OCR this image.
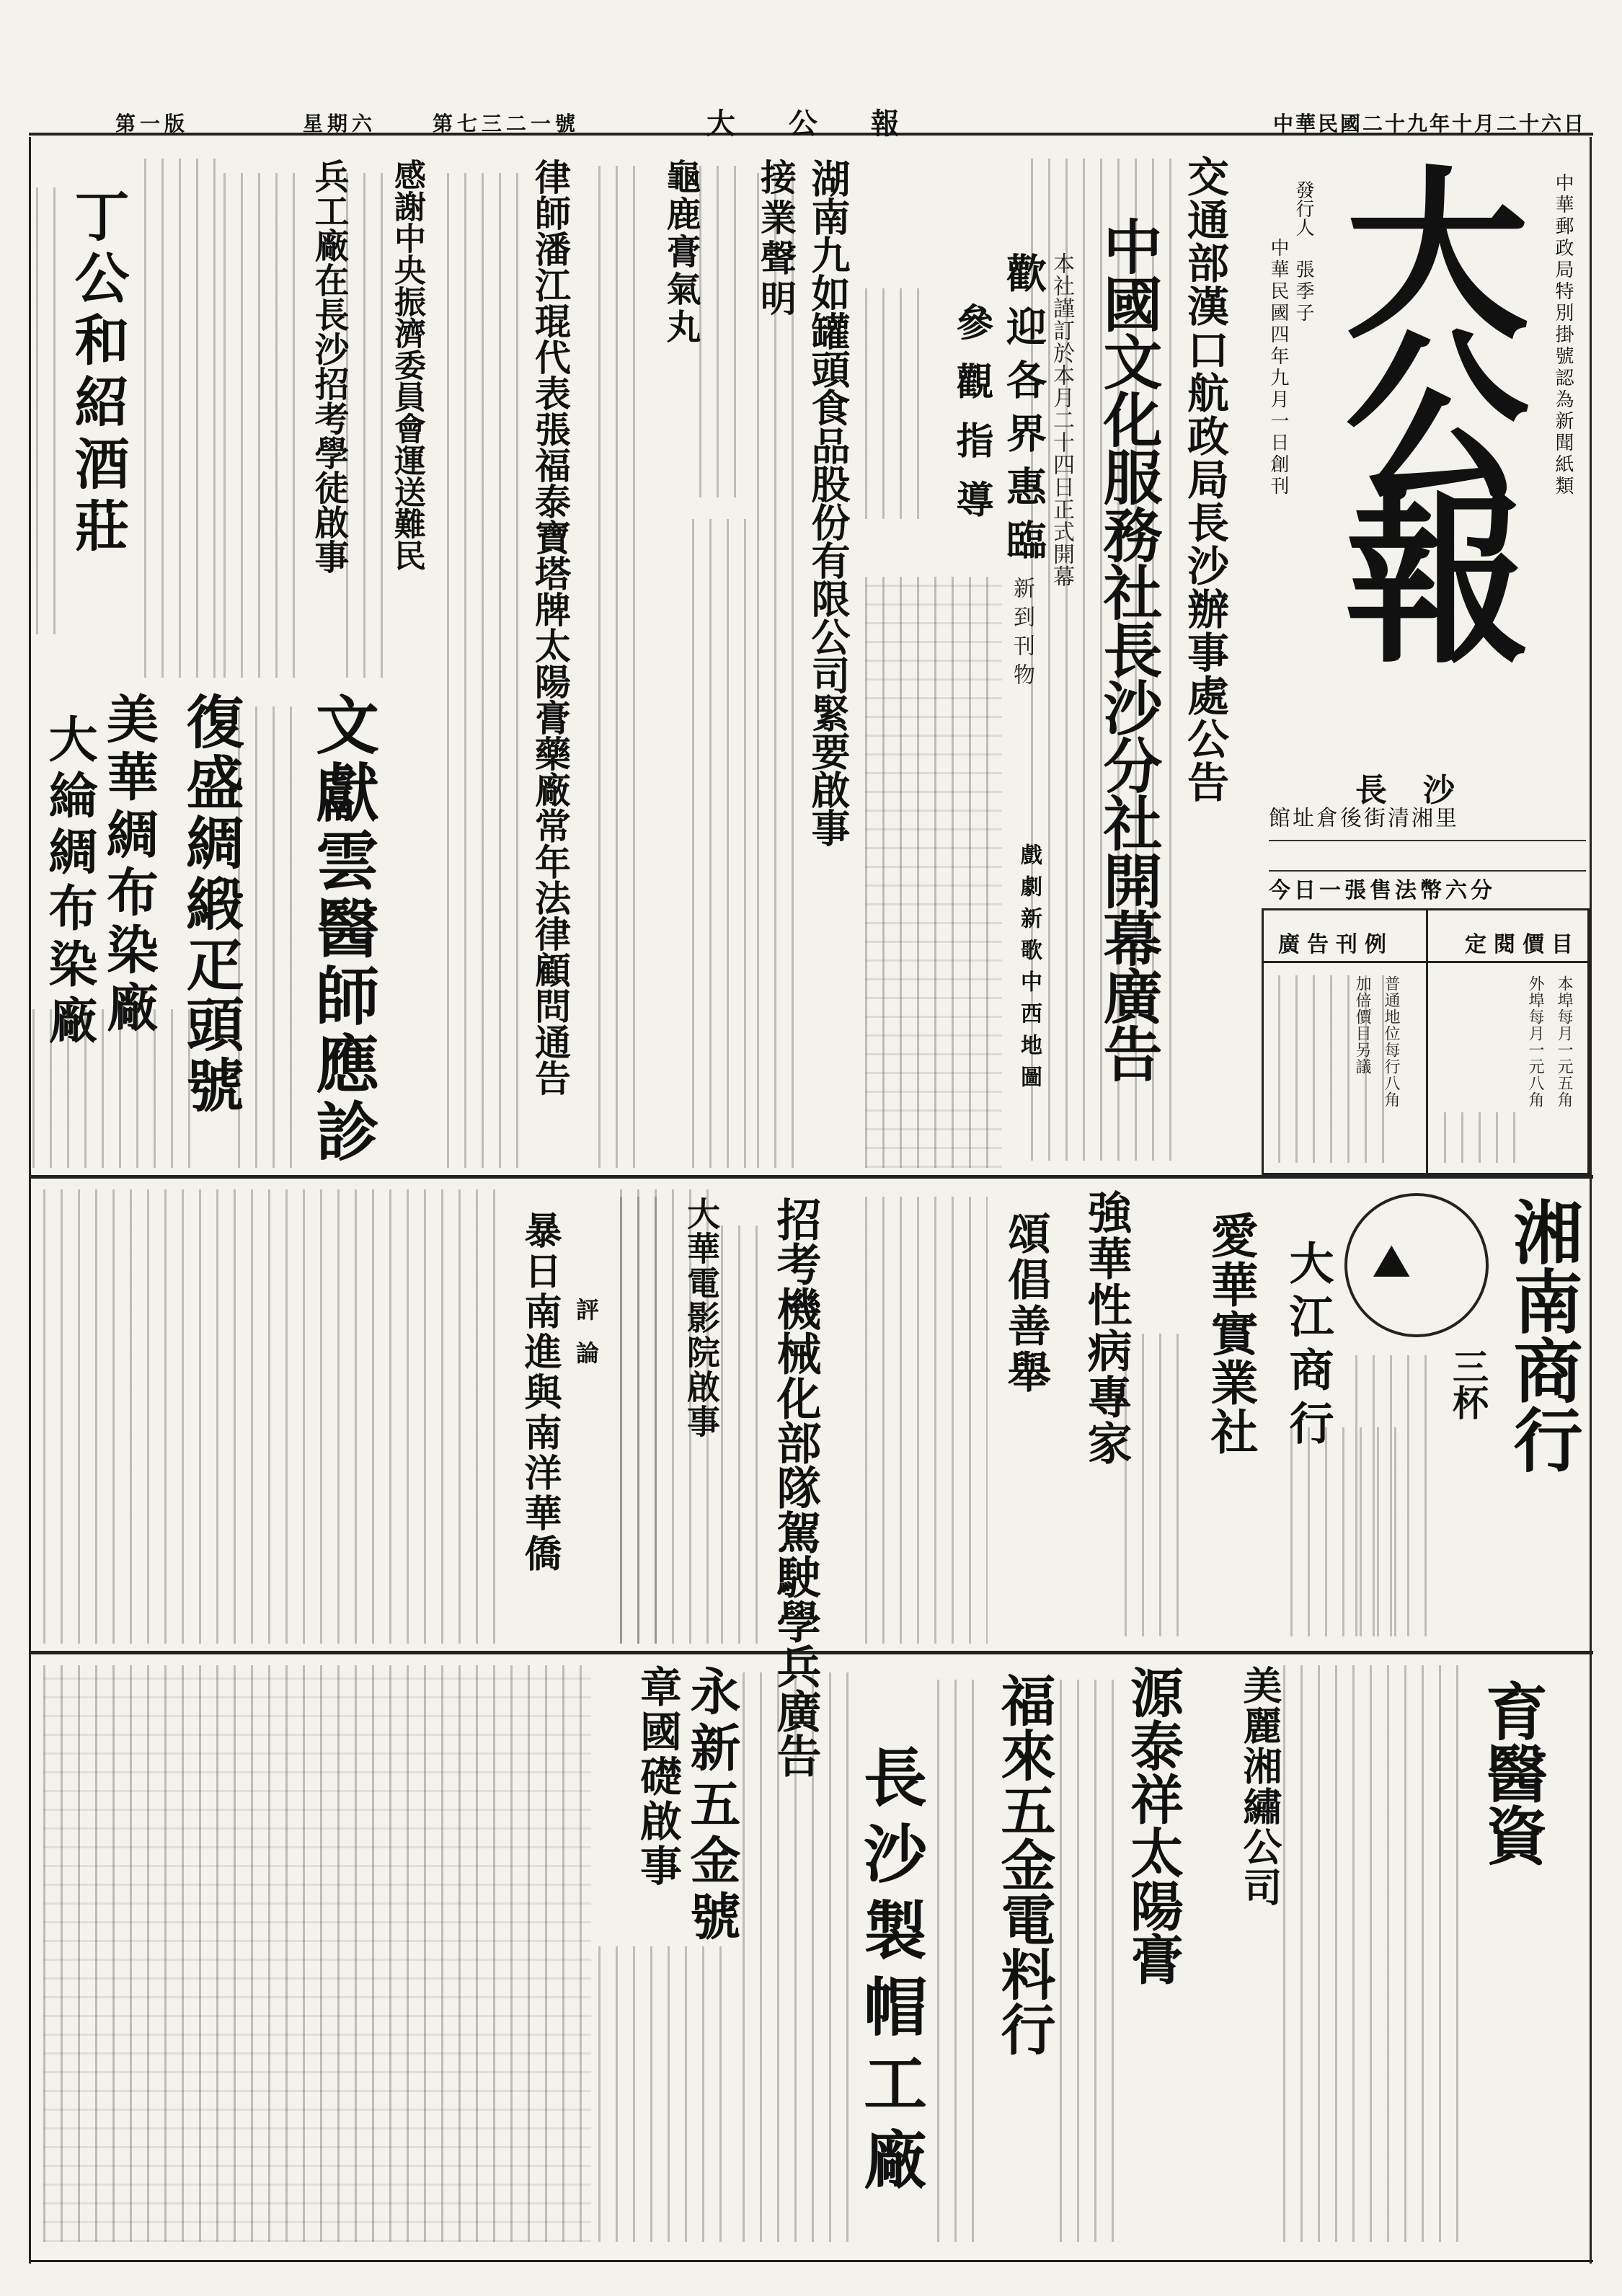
中華民國二十九年十月二十六日
大 公 報
第七三二一號
星期六
第一版
中華郵政局特別掛號認為新聞紙類
大公報
發行人
張季子
中華民國四年九月一日創刊
長沙
館址倉後街清湘里
今日一張售法幣六分
定閱價目
廣告刊例
本埠每月一元五角
外埠每月一元八角
普通地位每行八角
加倍價目另議
交通部漢口航政局長沙辦事處公告
中國文化服務社長沙分社開幕廣告
本社謹訂於本月二十四日正式開幕
歡迎各界惠臨
參觀指導
新到刊物
戲劇新歌中西地圖
湖南九如罐頭食品股份有限公司緊要啟事
接業聲明
龜鹿膏氣丸
律師潘江琨代表張福泰寶塔牌太陽膏藥廠常年法律顧問通告
感謝中央振濟委員會運送難民
兵工廠在長沙招考學徒啟事
文獻雲醫師應診
復盛綢緞疋頭號
美華綢布染廠
大綸綢布染廠
丁公和紹酒莊
暴日南進與南洋華僑 評論 大華電影院啟事 招考機械化部隊駕駛學兵廣告	頌倡善舉 強華性病專家 愛華實業社 大江商行 ⛰ 湘南商行
三杯
育醫資
美麗湘繡公司
源泰祥太陽膏
福來五金電料行
長沙製帽工廠
永新五金號
章國礎啟事
